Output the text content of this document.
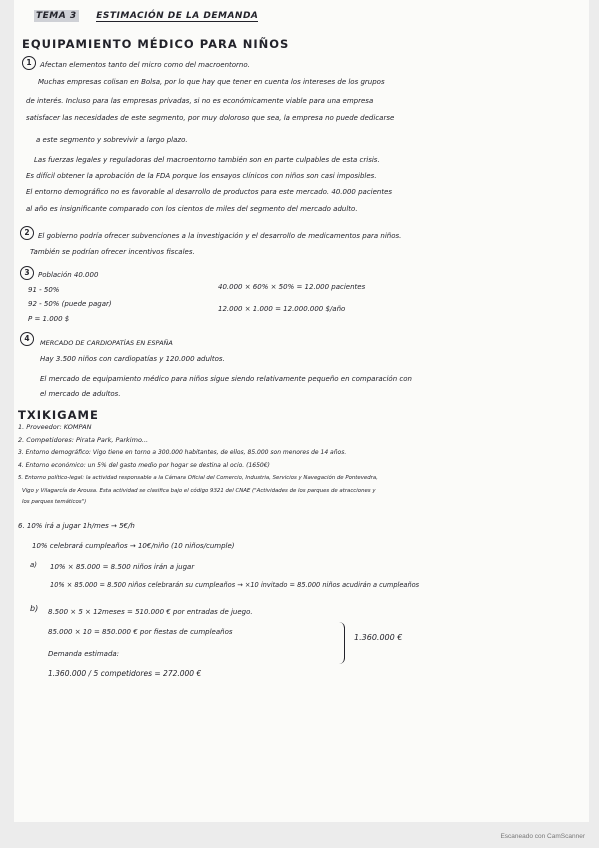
TEMA 3 ESTIMACIÓN DE LA DEMANDA
EQUIPAMIENTO MÉDICO PARA NIÑOS
1	Afectan elementos tanto del micro como del macroentorno.
Muchas empresas colisan en Bolsa, por lo que hay que tener en cuenta los intereses de los grupos
de interés. Incluso para las empresas privadas, si no es económicamente viable para una empresa
satisfacer las necesidades de este segmento, por muy doloroso que sea, la empresa no puede dedicarse
a este segmento y sobrevivir a largo plazo.
Las fuerzas legales y reguladoras del macroentorno también son en parte culpables de esta crisis.
Es difícil obtener la aprobación de la FDA porque los ensayos clínicos con niños son casi imposibles.
El entorno demográfico no es favorable al desarrollo de productos para este mercado. 40.000 pacientes
al año es insignificante comparado con los cientos de miles del segmento del mercado adulto.
2	El gobierno podría ofrecer subvenciones a la investigación y el desarrollo de medicamentos para niños.
También se podrían ofrecer incentivos fiscales.
3	Población 40.000
91 - 50%
92 - 50% (puede pagar)
P = 1.000 $
40.000 × 60% × 50% = 12.000 pacientes
12.000 × 1.000 = 12.000.000 $/año
4	MERCADO DE CARDIOPATÍAS EN ESPAÑA
Hay 3.500 niños con cardiopatías y 120.000 adultos.
El mercado de equipamiento médico para niños sigue siendo relativamente pequeño en comparación con
el mercado de adultos.
TXIKIGAME
1. Proveedor: KOMPAN
2. Competidores: Pirata Park, Parkimo...
3. Entorno demográfico: Vigo tiene en torno a 300.000 habitantes, de ellos, 85.000 son menores de 14 años.
4. Entorno económico: un 5% del gasto medio por hogar se destina al ocio. (1650€)
5. Entorno político-legal: la actividad responsable a la Cámara Oficial del Comercio, Industria, Servicios y Navegación de Pontevedra,
Vigo y Vilagarcía de Arousa. Esta actividad se clasifica bajo el código 9321 del CNAE ("Actividades de los parques de atracciones y
los parques temáticos")
6. 10% irá a jugar 1h/mes → 5€/h
10% celebrará cumpleaños → 10€/niño (10 niños/cumple)
a) 10% × 85.000 = 8.500 niños irán a jugar
10% × 85.000 = 8.500 niños celebrarán su cumpleaños → ×10 invitado = 85.000 niños acudirán a cumpleaños
b) 8.500 × 5 × 12meses = 510.000 € por entradas de juego.
85.000 × 10 = 850.000 € por fiestas de cumpleaños
1.360.000 €
Demanda estimada:
1.360.000 / 5 competidores = 272.000 €
Escaneado con CamScanner
